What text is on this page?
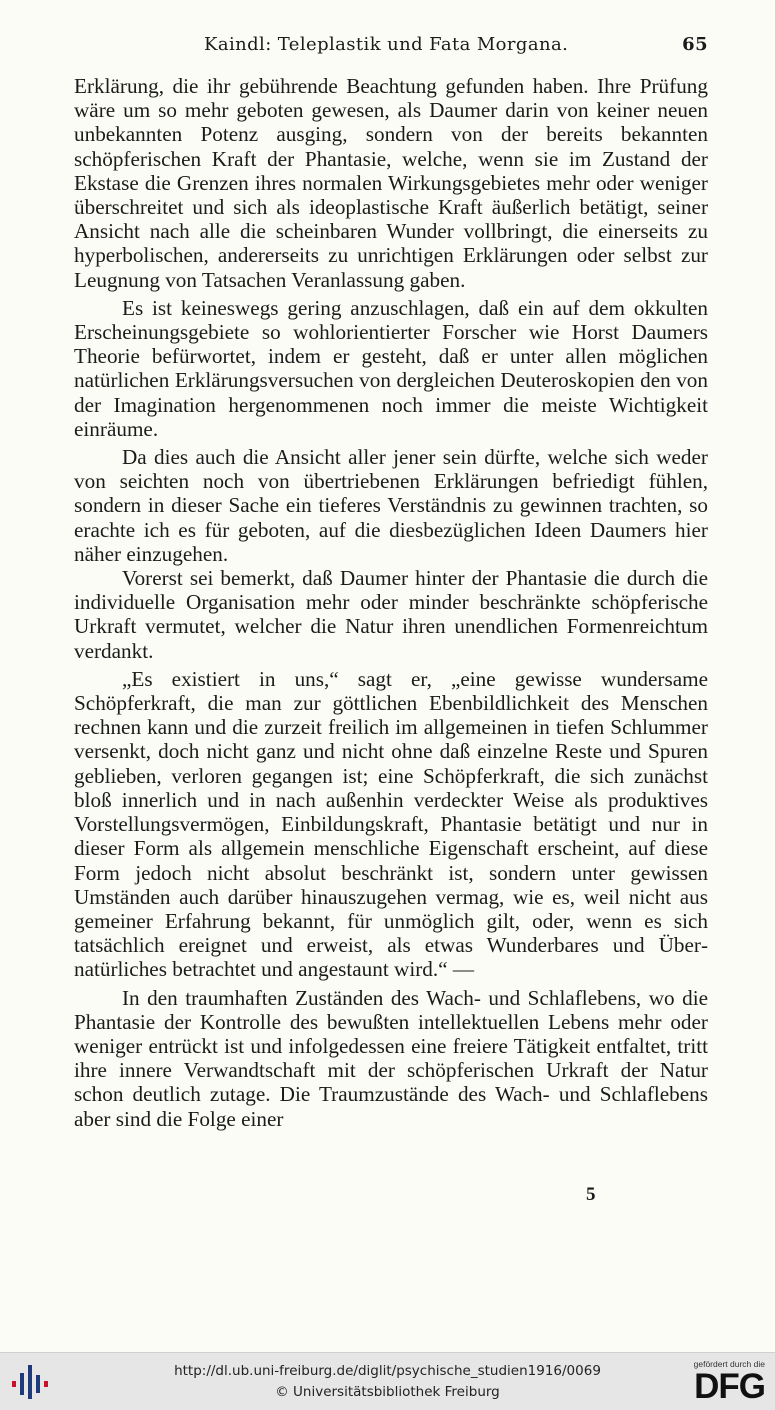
Kaindl: Teleplastik und Fata Morgana.	65

Erklärung, die ihr gebührende Beachtung gefunden haben. Ihre Prüfung wäre um so mehr geboten gewesen, als Daumer darin von keiner neuen unbekannten Potenz ausging, sondern von der bereits bekannten schöpferischen Kraft der Phantasie, welche, wenn sie im Zustand der Ekstase die Grenzen ihres normalen Wirkungsgebietes mehr oder weniger überschreitet und sich als ideoplastische Kraft äußerlich betätigt, seiner Ansicht nach alle die scheinbaren Wunder vollbringt, die einerseits zu hyperbolischen, andererseits zu unrichtigen Erklärungen oder selbst zur Leugnung von Tatsachen Veranlassung gaben.

Es ist keineswegs gering anzuschlagen, daß ein auf dem okkulten Erscheinungsgebiete so wohlorientierter Forscher wie Horst Daumers Theorie befürwortet, indem er gesteht, daß er unter allen möglichen natürlichen Erklärungsversuchen von dergleichen Deuteroskopien den von der Imagination hergenommenen noch immer die meiste Wichtigkeit einräume.

Da dies auch die Ansicht aller jener sein dürfte, welche sich weder von seichten noch von übertriebenen Erklärungen befriedigt fühlen, sondern in dieser Sache ein tieferes Verständnis zu gewinnen trachten, so erachte ich es für geboten, auf die diesbezüglichen Ideen Daumers hier näher einzugehen.

Vorerst sei bemerkt, daß Daumer hinter der Phantasie die durch die individuelle Organisation mehr oder minder beschränkte schöpferische Urkraft vermutet, welcher die Natur ihren unendlichen Formenreichtum verdankt.

„Es existiert in uns,“ sagt er, „eine gewisse wundersame Schöpferkraft, die man zur göttlichen Ebenbildlichkeit des Menschen rechnen kann und die zurzeit freilich im allgemeinen in tiefen Schlummer versenkt, doch nicht ganz und nicht ohne daß einzelne Reste und Spuren geblieben, verloren gegangen ist; eine Schöpferkraft, die sich zunächst bloß innerlich und in nach außenhin verdeckter Weise als produktives Vorstellungsvermögen, Einbildungskraft, Phantasie betätigt und nur in dieser Form als allgemein menschliche Eigenschaft erscheint, auf diese Form jedoch nicht absolut beschränkt ist, sondern unter gewissen Umständen auch darüber hinauszugehen vermag, wie es, weil nicht aus gemeiner Erfahrung bekannt, für unmöglich gilt, oder, wenn es sich tatsächlich ereignet und erweist, als etwas Wunderbares und Übernatürliches betrachtet und angestaunt wird.“ —

In den traumhaften Zuständen des Wach- und Schlaflebens, wo die Phantasie der Kontrolle des bewußten intellektuellen Lebens mehr oder weniger entrückt ist und infolgedessen eine freiere Tätigkeit entfaltet, tritt ihre innere Verwandtschaft mit der schöpferischen Urkraft der Natur schon deutlich zutage. Die Traumzustände des Wach- und Schlaflebens aber sind die Folge einer

5
http://dl.ub.uni-freiburg.de/diglit/psychische_studien1916/0069
© Universitätsbibliothek Freiburg
gefördert durch die
DFG
